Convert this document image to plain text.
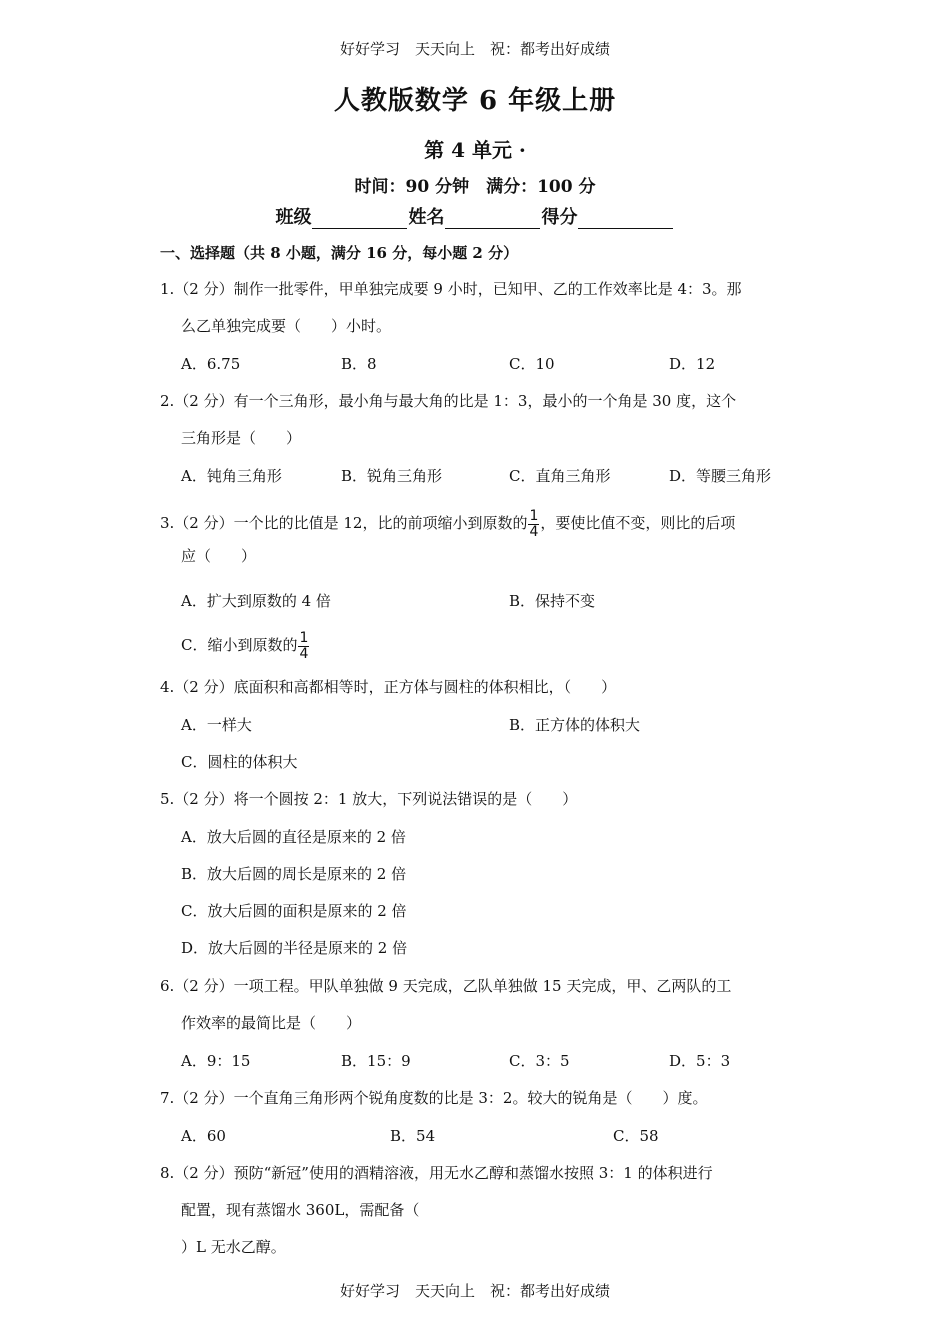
好好学习　天天向上　祝：都考出好成绩
人教版数学 6 年级上册
第 4 单元 ·
时间：90 分钟　满分：100 分
班级	姓名	得分
一、选择题（共 8 小题，满分 16 分，每小题 2 分）
1.（2 分）制作一批零件，甲单独完成要 9 小时，已知甲、乙的工作效率比是 4：3。那
么乙单独完成要（　　）小时。
A．6.75	B．8	C．10	D．12
2.（2 分）有一个三角形，最小角与最大角的比是 1：3，最小的一个角是 30 度，这个
三角形是（　　）
A．钝角三角形	B．锐角三角形	C．直角三角形	D．等腰三角形
3.（2 分）一个比的比值是 12，比的前项缩小到原数的 $\frac{1}{4}$ ，要使比值不变，则比的后项
应（　　）
A．扩大到原数的 4 倍	B．保持不变
C．缩小到原数的 $\frac{1}{4}$
4.（2 分）底面积和高都相等时，正方体与圆柱的体积相比，（　　）
A．一样大	B．正方体的体积大
C．圆柱的体积大
5.（2 分）将一个圆按 2：1 放大，下列说法错误的是（　　）
A．放大后圆的直径是原来的 2 倍
B．放大后圆的周长是原来的 2 倍
C．放大后圆的面积是原来的 2 倍
D．放大后圆的半径是原来的 2 倍
6.（2 分）一项工程。甲队单独做 9 天完成，乙队单独做 15 天完成，甲、乙两队的工
作效率的最简比是（　　）
A．9：15	B．15：9	C．3：5	D．5：3
7.（2 分）一个直角三角形两个锐角度数的比是 3：2。较大的锐角是（　　）度。
A．60	B．54	C．58
8.（2 分）预防“新冠”使用的酒精溶液，用无水乙醇和蒸馏水按照 3：1 的体积进行
配置，现有蒸馏水 360L，需配备（
）L 无水乙醇。
好好学习　天天向上　祝：都考出好成绩
